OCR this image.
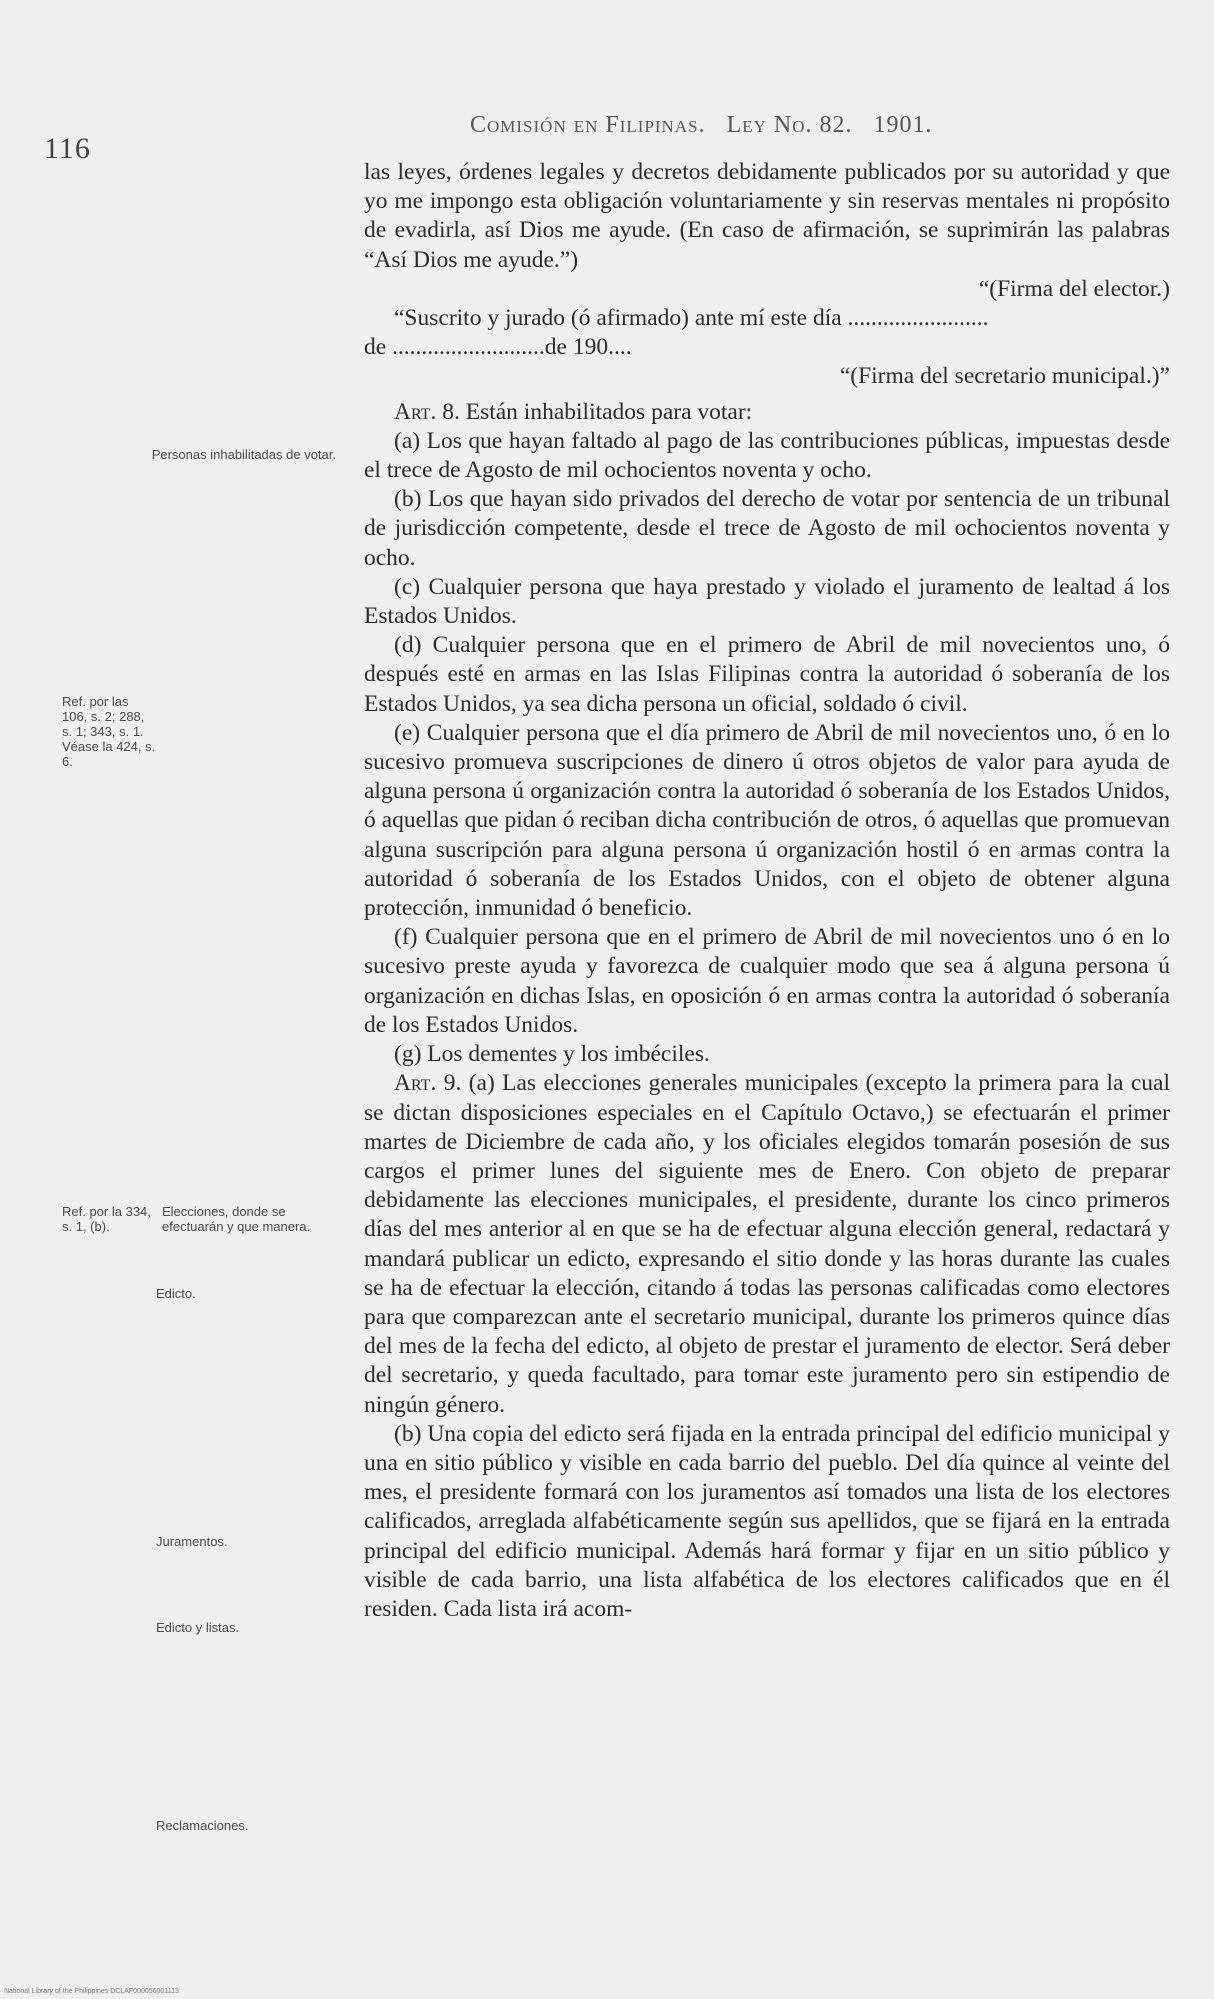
116
Comisión en Filipinas. Ley No. 82. 1901.

las leyes, órdenes legales y decretos debidamente publicados por su autoridad y que yo me impongo esta obligación voluntariamente y sin reservas mentales ni propósito de evadirla, así Dios me ayude. (En caso de afirmación, se suprimirán las palabras “Así Dios me ayude.”)

“(Firma del elector.)

“Suscrito y jurado (ó afirmado) ante mí este día ........................

de ..........................de 190....

“(Firma del secretario municipal.)”

Art. 8. Están inhabilitados para votar:

(a) Los que hayan faltado al pago de las contribuciones públicas, impuestas desde el trece de Agosto de mil ochocientos noventa y ocho.

(b) Los que hayan sido privados del derecho de votar por sentencia de un tribunal de jurisdicción competente, desde el trece de Agosto de mil ochocientos noventa y ocho.

(c) Cualquier persona que haya prestado y violado el juramento de lealtad á los Estados Unidos.

(d) Cualquier persona que en el primero de Abril de mil novecientos uno, ó después esté en armas en las Islas Filipinas contra la autoridad ó soberanía de los Estados Unidos, ya sea dicha persona un oficial, soldado ó civil.

(e) Cualquier persona que el día primero de Abril de mil novecientos uno, ó en lo sucesivo promueva suscripciones de dinero ú otros objetos de valor para ayuda de alguna persona ú organización contra la autoridad ó soberanía de los Estados Unidos, ó aquellas que pidan ó reciban dicha contribución de otros, ó aquellas que promuevan alguna suscripción para alguna persona ú organización hostil ó en armas contra la autoridad ó soberanía de los Estados Unidos, con el objeto de obtener alguna protección, inmunidad ó beneficio.

(f) Cualquier persona que en el primero de Abril de mil novecientos uno ó en lo sucesivo preste ayuda y favorezca de cualquier modo que sea á alguna persona ú organización en dichas Islas, en oposición ó en armas contra la autoridad ó soberanía de los Estados Unidos.

(g) Los dementes y los imbéciles.

Art. 9. (a) Las elecciones generales municipales (excepto la primera para la cual se dictan disposiciones especiales en el Capítulo Octavo,) se efectuarán el primer martes de Diciembre de cada año, y los oficiales elegidos tomarán posesión de sus cargos el primer lunes del siguiente mes de Enero. Con objeto de preparar debidamente las elecciones municipales, el presidente, durante los cinco primeros días del mes anterior al en que se ha de efectuar alguna elección general, redactará y mandará publicar un edicto, expresando el sitio donde y las horas durante las cuales se ha de efectuar la elección, citando á todas las personas calificadas como electores para que comparezcan ante el secretario municipal, durante los primeros quince días del mes de la fecha del edicto, al objeto de prestar el juramento de elector. Será deber del secretario, y queda facultado, para tomar este juramento pero sin estipendio de ningún género.

(b) Una copia del edicto será fijada en la entrada principal del edificio municipal y una en sitio público y visible en cada barrio del pueblo. Del día quince al veinte del mes, el presidente formará con los juramentos así tomados una lista de los electores calificados, arreglada alfabéticamente según sus apellidos, que se fijará en la entrada principal del edificio municipal. Además hará formar y fijar en un sitio público y visible de cada barrio, una lista alfabética de los electores calificados que en él residen. Cada lista irá acom-

Personas inhabilitadas de votar.
Ref. por las 106, s. 2; 288, s. 1; 343, s. 1. Véase la 424, s. 6.
Ref. por la 334, s. 1, (b).
Elecciones, donde se efectuarán y que manera.
Edicto.
Juramentos.
Edicto y listas.
Reclamaciones.
National Library of the Philippines DCLAF000056001113
